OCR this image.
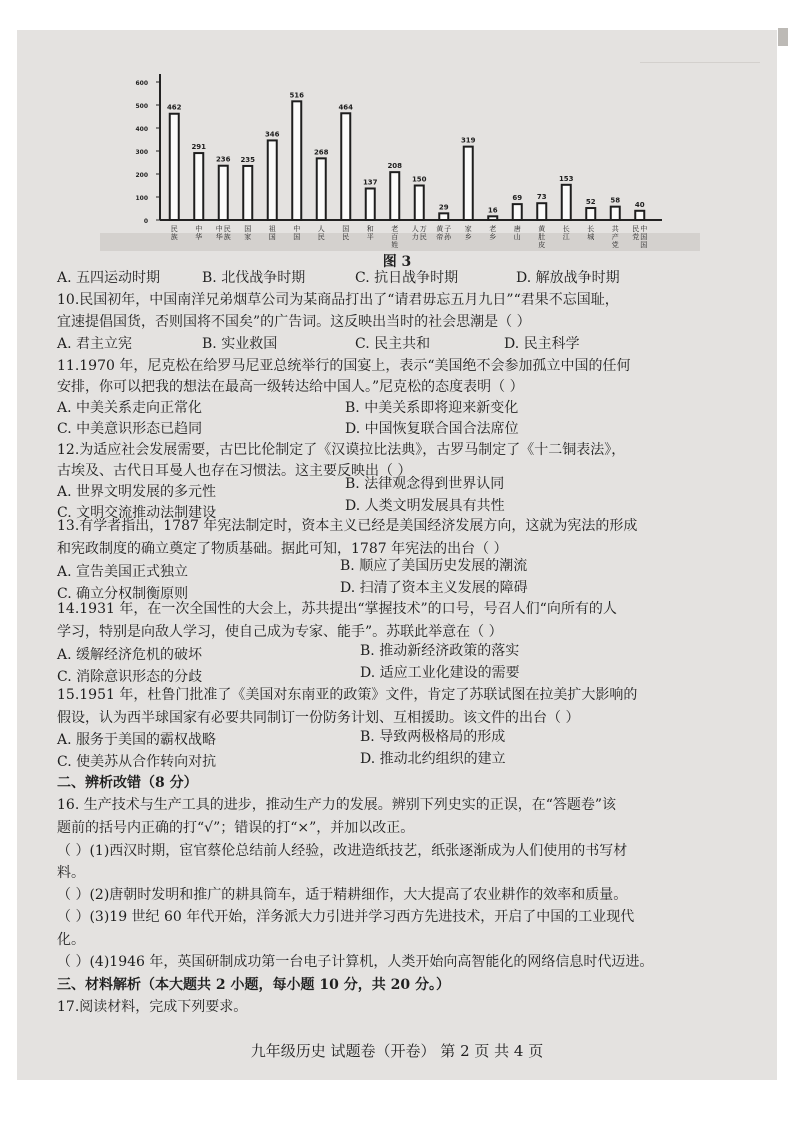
0
100
200
300
400
500
600
462
民
族
291
中
华
236
民
族
中
华
235
国
家
346
祖
国
516
中
国
268
人
民
464
国
民
137
和
平
208
老
百
姓
150
万
民
人
力
29
子
孙
黄
帝
319
家
乡
16
老
乡
69
唐
山
73
黄
肚
皮
153
长
江
52
长
城
58
共
产
党
40
中
国
国
民
党
图 3
A. 五四运动时期	B. 北伐战争时期	C. 抗日战争时期	D. 解放战争时期
10.民国初年，中国南洋兄弟烟草公司为某商品打出了“请君毋忘五月九日”“君果不忘国耻，
宜速提倡国货，否则国将不国矣”的广告词。这反映出当时的社会思潮是（ ）
A. 君主立宪	B. 实业救国	C. 民主共和	D. 民主科学
11.1970 年，尼克松在给罗马尼亚总统举行的国宴上，表示“美国绝不会参加孤立中国的任何
安排，你可以把我的想法在最高一级转达给中国人。”尼克松的态度表明（ ）
A. 中美关系走向正常化	B. 中美关系即将迎来新变化
C. 中美意识形态已趋同	D. 中国恢复联合国合法席位
12.为适应社会发展需要，古巴比伦制定了《汉谟拉比法典》，古罗马制定了《十二铜表法》，
古埃及、古代日耳曼人也存在习惯法。这主要反映出（ ）
A. 世界文明发展的多元性	B. 法律观念得到世界认同
C. 文明交流推动法制建设	D. 人类文明发展具有共性
13.有学者指出，1787 年宪法制定时，资本主义已经是美国经济发展方向，这就为宪法的形成
和宪政制度的确立奠定了物质基础。据此可知，1787 年宪法的出台（ ）
A. 宣告美国正式独立	B. 顺应了美国历史发展的潮流
C. 确立分权制衡原则	D. 扫清了资本主义发展的障碍
14.1931 年，在一次全国性的大会上，苏共提出“掌握技术”的口号，号召人们“向所有的人
学习，特别是向敌人学习，使自己成为专家、能手”。苏联此举意在（ ）
A. 缓解经济危机的破坏	B. 推动新经济政策的落实
C. 消除意识形态的分歧	D. 适应工业化建设的需要
15.1951 年，杜鲁门批准了《美国对东南亚的政策》文件，肯定了苏联试图在拉美扩大影响的
假设，认为西半球国家有必要共同制订一份防务计划、互相援助。该文件的出台（ ）
A. 服务于美国的霸权战略	B. 导致两极格局的形成
C. 使美苏从合作转向对抗	D. 推动北约组织的建立
二、辨析改错（8 分）
16. 生产技术与生产工具的进步，推动生产力的发展。辨别下列史实的正误，在“答题卷”该
题前的括号内正确的打“√”；错误的打“×”，并加以改正。
（ ）(1)西汉时期，宦官蔡伦总结前人经验，改进造纸技艺，纸张逐渐成为人们使用的书写材
料。
（ ）(2)唐朝时发明和推广的耕具筒车，适于精耕细作，大大提高了农业耕作的效率和质量。
（ ）(3)19 世纪 60 年代开始，洋务派大力引进并学习西方先进技术，开启了中国的工业现代
化。
（ ）(4)1946 年，英国研制成功第一台电子计算机，人类开始向高智能化的网络信息时代迈进。
三、材料解析（本大题共 2 小题，每小题 10 分，共 20 分。）
17.阅读材料，完成下列要求。
九年级历史 试题卷（开卷） 第 2 页 共 4 页
